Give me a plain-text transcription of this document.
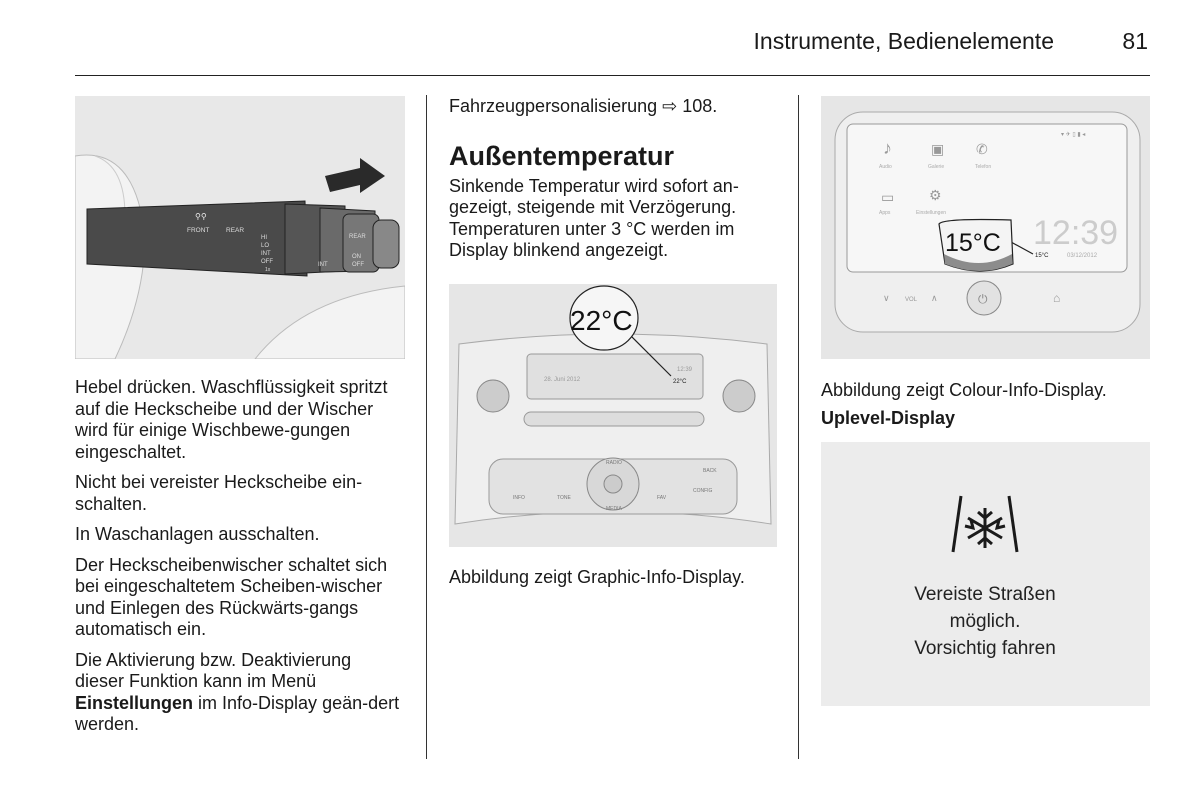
Instrumente, Bedienelemente	81
⚲⚲
FRONT	REAR
HI
LO
INT
OFF
1x
INT
REAR
ON
OFF

Hebel drücken. Waschflüssigkeit spritzt auf die Heckscheibe und der Wischer wird für einige Wischbewe-gungen eingeschaltet.

Nicht bei vereister Heckscheibe ein-schalten.

In Waschanlagen ausschalten.

Der Heckscheibenwischer schaltet sich bei eingeschaltetem Scheiben-wischer und Einlegen des Rückwärts-gangs automatisch ein.

Die Aktivierung bzw. Deaktivierung dieser Funktion kann im Menü Einstellungen im Info-Display geän-dert werden.

Fahrzeugpersonalisierung ⇨ 108.

Außentemperatur

Sinkende Temperatur wird sofort an-gezeigt, steigende mit Verzögerung. Temperaturen unter 3 °C werden im Display blinkend angezeigt.

28. Juni 2012
12:39
22°C
INFO	TONE
RADIO
FAV
MEDIA
CONFIG
BACK
22°C
Abbildung zeigt Graphic-Info-Display.
♪
Audio
▣
Galerie
✆
Telefon
▭
Apps
⚙
Einstellungen
▾ ✈ ▯ ▮ ◂
12:39
15°C	03/12/2012
15°C
∨	VOL ∧	⏻	⌂
Abbildung zeigt Colour-Info-Display.
Uplevel-Display
Vereiste Straßen
möglich.
Vorsichtig fahren
